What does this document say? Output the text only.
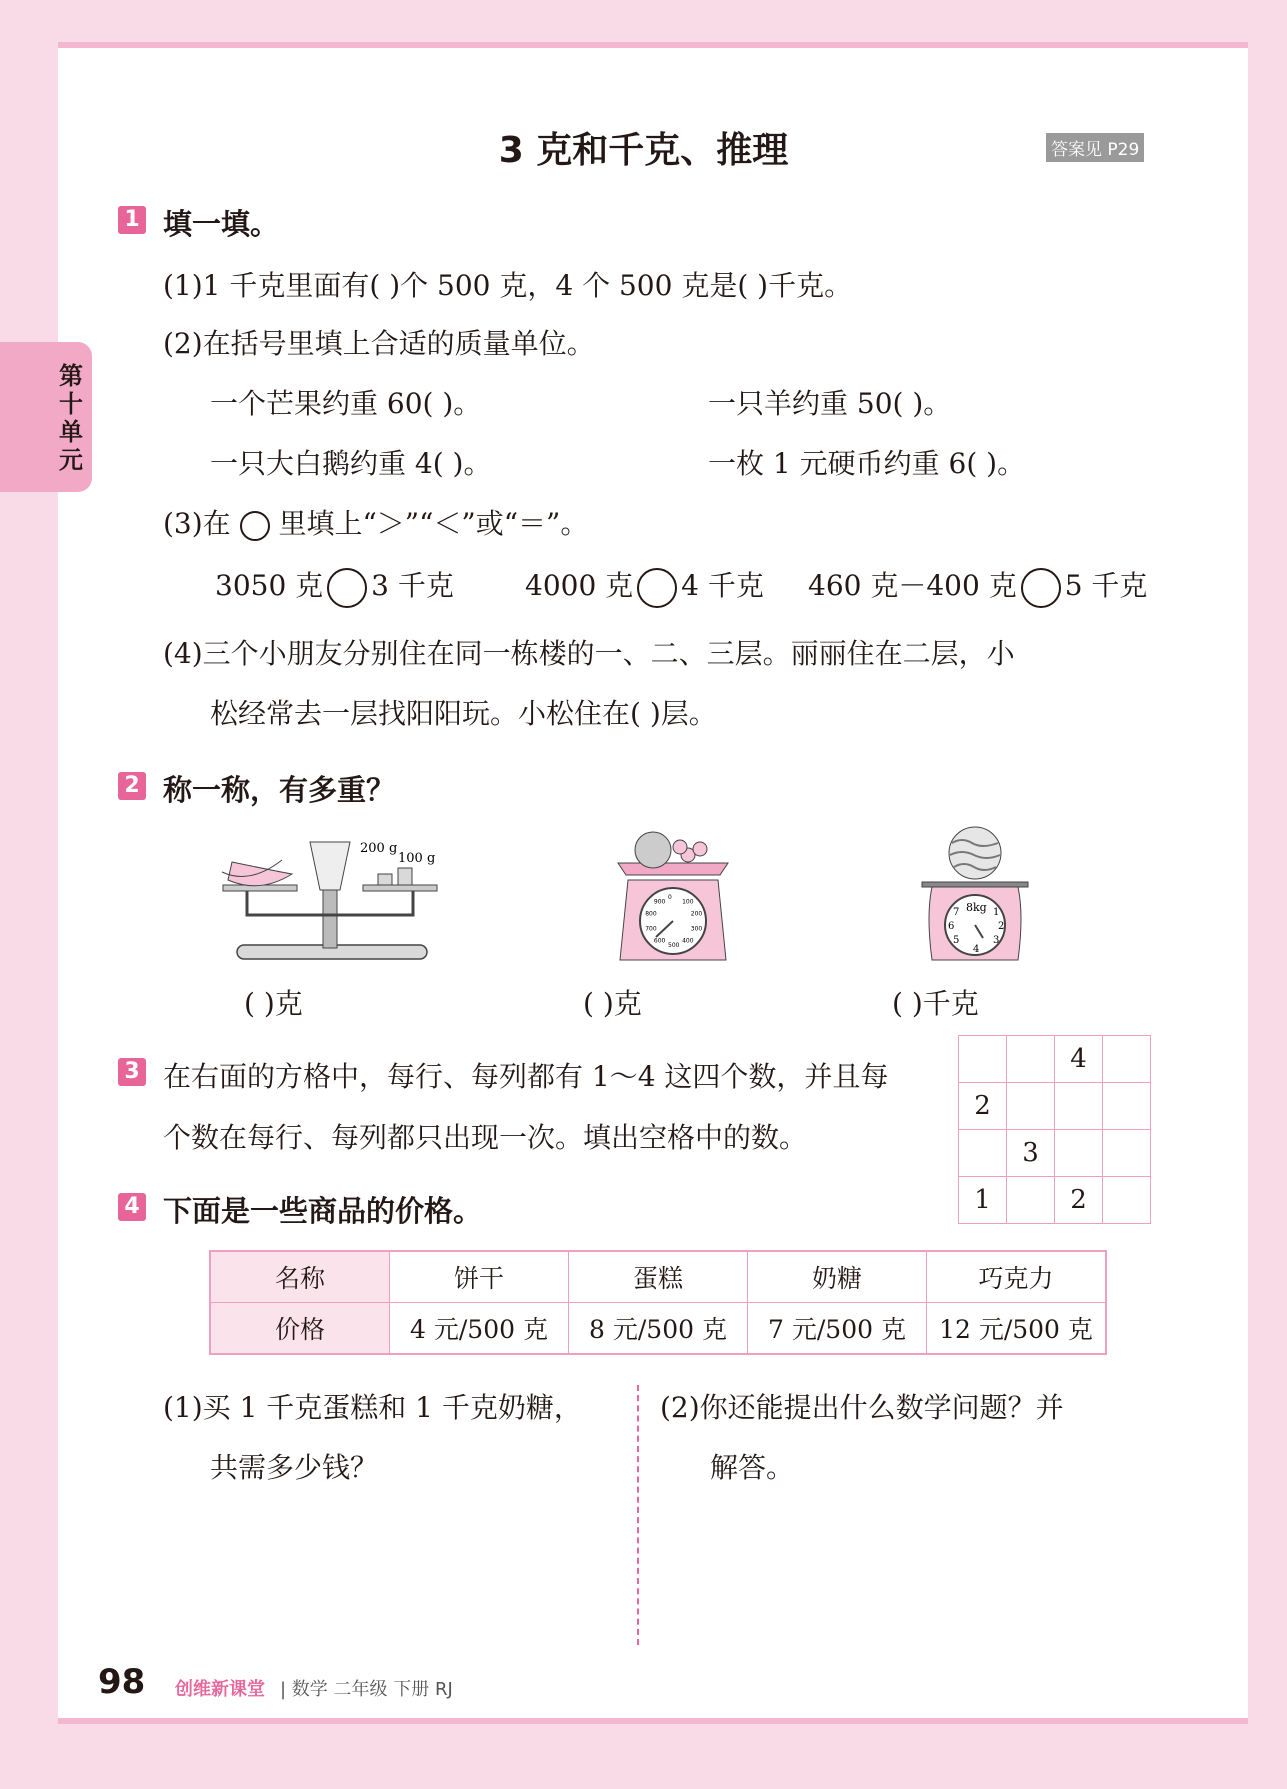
第十单元
3 克和千克、推理	答案见 P29
1 填一填。
(1)1 千克里面有( )个 500 克，4 个 500 克是( )千克。
(2)在括号里填上合适的质量单位。
一个芒果约重 60( )。	一只羊约重 50( )。
一只大白鹅约重 4( )。	一枚 1 元硬币约重 6( )。
(3)在 里填上“＞”“＜”或“＝”。
3050 克 3 千克	4000 克 4 千克 460 克－400 克 5 千克
(4)三个小朋友分别住在同一栋楼的一、二、三层。丽丽住在二层，小
松经常去一层找阳阳玩。小松住在( )层。
2 称一称，有多重？
200 g
100 g
100
200
300
400
500
600
700
800
900
0
8kg
7	1
6	2
5	3
4
( )克	( )克	( )千克
3 在右面的方格中，每行、每列都有 1～4 这四个数，并且每
个数在每行、每列都只出现一次。填出空格中的数。
		4	
2			
	3		
1		2	
4 下面是一些商品的价格。
名称	饼干	蛋糕	奶糖	巧克力
价格	4 元/500 克	8 元/500 克	7 元/500 克	12 元/500 克
(1)买 1 千克蛋糕和 1 千克奶糖，
共需多少钱？
(2)你还能提出什么数学问题？并
解答。
98 创维新课堂 | 数学 二年级 下册 RJ
